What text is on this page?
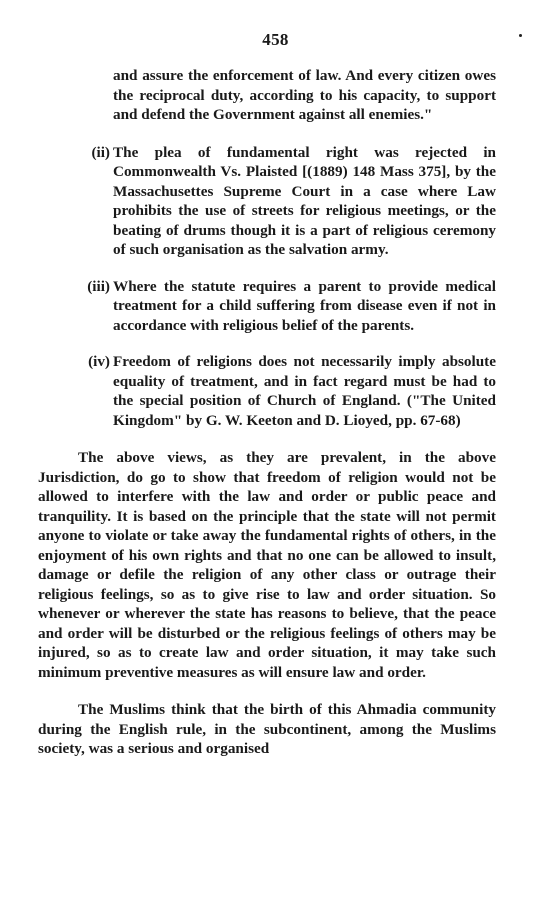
458

and assure the enforcement of law. And every citizen owes the reciprocal duty, according to his capacity, to support and defend the Government against all enemies."

(ii) The plea of fundamental right was rejected in Commonwealth Vs. Plaisted [(1889) 148 Mass 375], by the Massachusettes Supreme Court in a case where Law prohibits the use of streets for religious meetings, or the beating of drums though it is a part of religious ceremony of such organisation as the salvation army.
(iii) Where the statute requires a parent to provide medical treatment for a child suffering from disease even if not in accordance with religious belief of the parents.
(iv) Freedom of religions does not necessarily imply absolute equality of treatment, and in fact regard must be had to the special position of Church of England. ("The United Kingdom" by G. W. Keeton and D. Lioyed, pp. 67-68)

The above views, as they are prevalent, in the above Jurisdiction, do go to show that freedom of religion would not be allowed to interfere with the law and order or public peace and tranquility. It is based on the principle that the state will not permit anyone to violate or take away the fundamental rights of others, in the enjoyment of his own rights and that no one can be allowed to insult, damage or defile the religion of any other class or outrage their religious feelings, so as to give rise to law and order situation. So whenever or wherever the state has reasons to believe, that the peace and order will be disturbed or the religious feelings of others may be injured, so as to create law and order situation, it may take such minimum preventive measures as will ensure law and order.

The Muslims think that the birth of this Ahmadia community during the English rule, in the subcontinent, among the Muslims society, was a serious and organised
